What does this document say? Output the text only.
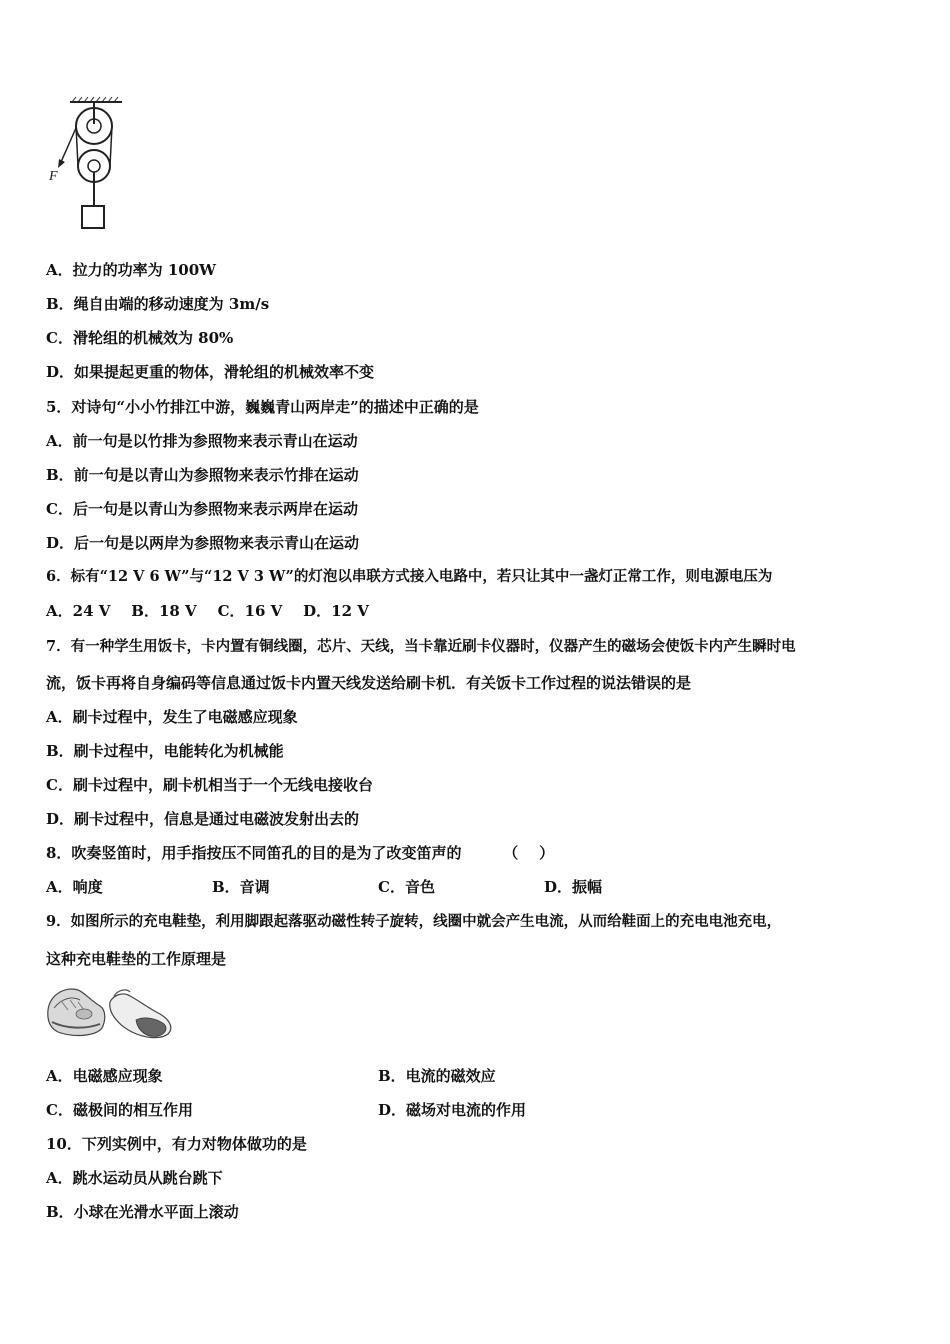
F
A．拉力的功率为 100W
B．绳自由端的移动速度为 3m/s
C．滑轮组的机械效为 80%
D．如果提起更重的物体，滑轮组的机械效率不变
5．对诗句“小小竹排江中游，巍巍青山两岸走”的描述中正确的是
A．前一句是以竹排为参照物来表示青山在运动
B．前一句是以青山为参照物来表示竹排在运动
C．后一句是以青山为参照物来表示两岸在运动
D．后一句是以两岸为参照物来表示青山在运动
6．标有“12 V 6 W”与“12 V 3 W”的灯泡以串联方式接入电路中，若只让其中一盏灯正常工作，则电源电压为
A．24 V    B．18 V    C．16 V    D．12 V
7．有一种学生用饭卡，卡内置有铜线圈，芯片、天线，当卡靠近刷卡仪器时，仪器产生的磁场会使饭卡内产生瞬时电
流，饭卡再将自身编码等信息通过饭卡内置天线发送给刷卡机．有关饭卡工作过程的说法错误的是
A．刷卡过程中，发生了电磁感应现象
B．刷卡过程中，电能转化为机械能
C．刷卡过程中，刷卡机相当于一个无线电接收台
D．刷卡过程中，信息是通过电磁波发射出去的
8．吹奏竖笛时，用手指按压不同笛孔的目的是为了改变笛声的        （    ）
A．响度	B．音调	C．音色	D．振幅
9．如图所示的充电鞋垫，利用脚跟起落驱动磁性转子旋转，线圈中就会产生电流，从而给鞋面上的充电电池充电，
这种充电鞋垫的工作原理是
A．电磁感应现象	B．电流的磁效应
C．磁极间的相互作用	D．磁场对电流的作用
10．下列实例中，有力对物体做功的是
A．跳水运动员从跳台跳下
B．小球在光滑水平面上滚动
